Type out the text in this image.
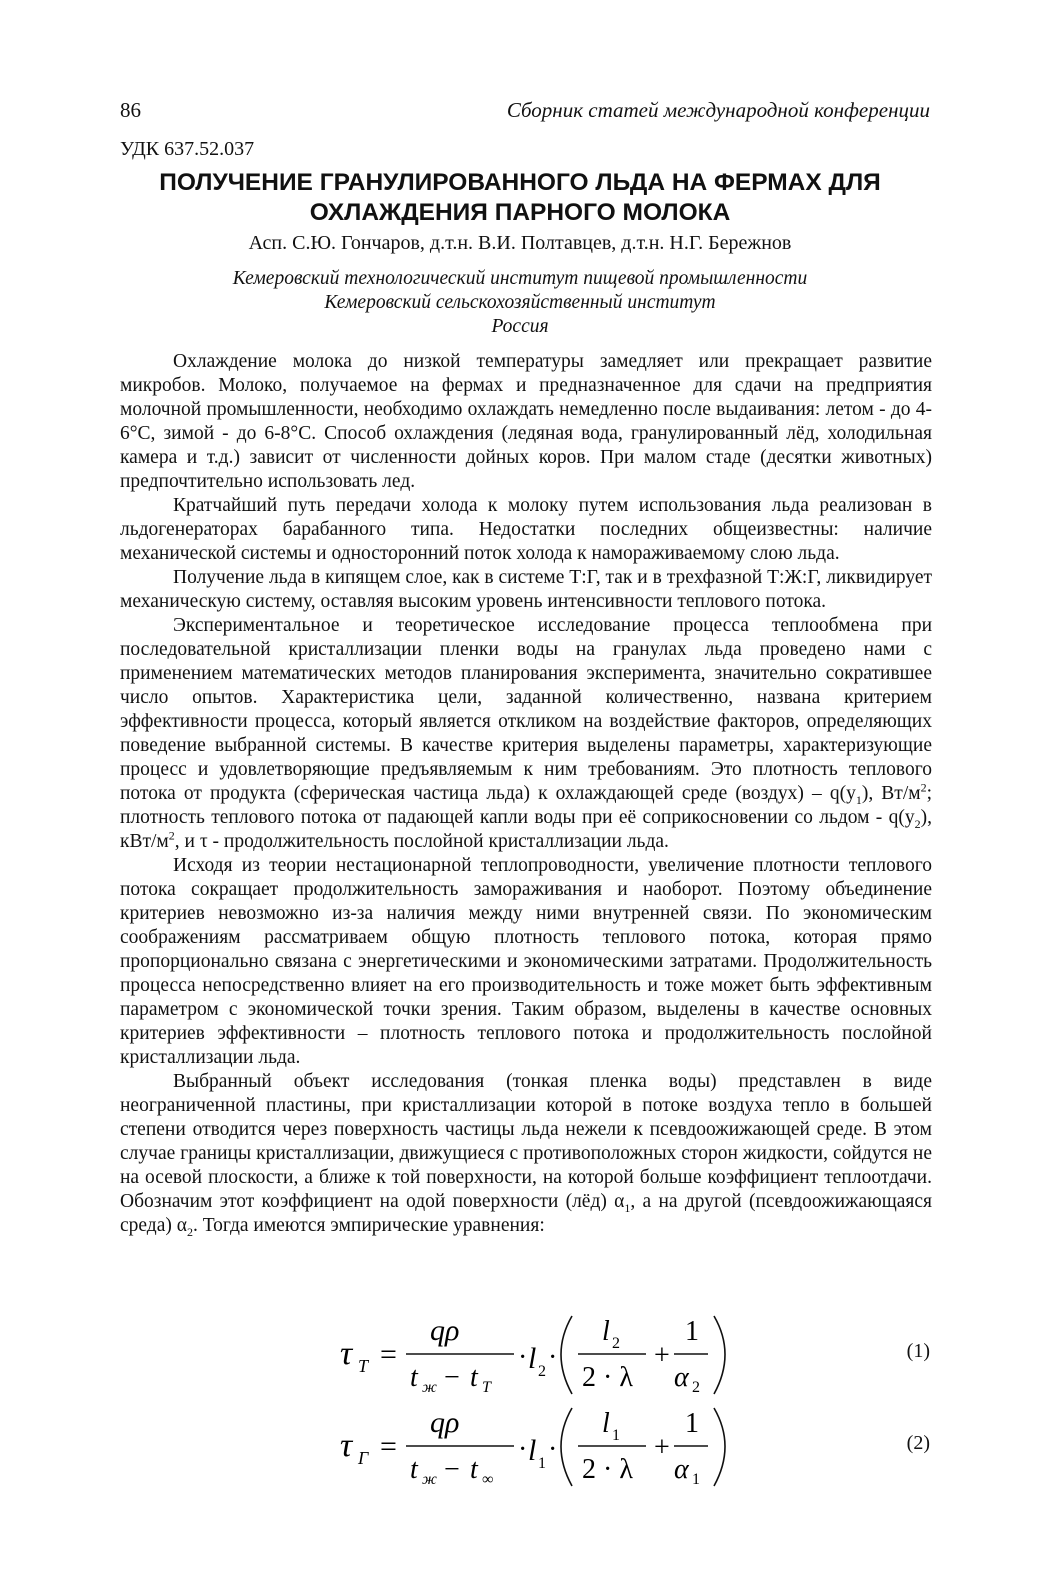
86	Сборник статей международной конференции
УДК 637.52.037
ПОЛУЧЕНИЕ ГРАНУЛИРОВАННОГО ЛЬДА НА ФЕРМАХ ДЛЯ
ОХЛАЖДЕНИЯ ПАРНОГО МОЛОКА
Асп. С.Ю. Гончаров, д.т.н. В.И. Полтавцев, д.т.н. Н.Г. Бережнов
Кемеровский технологический институт пищевой промышленности
Кемеровский сельскохозяйственный институт
Россия

Охлаждение молока до низкой температуры замедляет или прекращает развитие микробов. Молоко, получаемое на фермах и предназначенное для сдачи на предприятия молочной промышленности, необходимо охлаждать немедленно после выдаивания: летом - до 4-6°С, зимой - до 6-8°С. Способ охлаждения (ледяная вода, гранулированный лёд, холодильная камера и т.д.) зависит от численности дойных коров. При малом стаде (десятки животных) предпочтительно использовать лед.

Кратчайший путь передачи холода к молоку путем использования льда реализован в льдогенераторах барабанного типа. Недостатки последних общеизвестны: наличие механической системы и односторонний поток холода к намораживаемому слою льда.

Получение льда в кипящем слое, как в системе Т:Г, так и в трехфазной Т:Ж:Г, ликвидирует механическую систему, оставляя высоким уровень интенсивности теплового потока.

Экспериментальное и теоретическое исследование процесса теплообмена при последовательной кристаллизации пленки воды на гранулах льда проведено нами с применением математических методов планирования эксперимента, значительно сократившее число опытов. Характеристика цели, заданной количественно, названа критерием эффективности процесса, который является откликом на воздействие факторов, определяющих поведение выбранной системы. В качестве критерия выделены параметры, характеризующие процесс и удовлетворяющие предъявляемым к ним требованиям. Это плотность теплового потока от продукта (сферическая частица льда) к охлаждающей среде (воздух) – $q(y_1)$, $Вт/м^2$; плотность теплового потока от падающей капли воды при её соприкосновении со льдом - $q(y_2)$, кВт/$м^2$, и τ - продолжительность послойной кристаллизации льда.

Исходя из теории нестационарной теплопроводности, увеличение плотности теплового потока сокращает продолжительность замораживания и наоборот. Поэтому объединение критериев невозможно из-за наличия между ними внутренней связи. По экономическим соображениям рассматриваем общую плотность теплового потока, которая прямо пропорционально связана с энергетическими и экономическими затратами. Продолжительность процесса непосредственно влияет на его производительность и тоже может быть эффективным параметром с экономической точки зрения. Таким образом, выделены в качестве основных критериев эффективности – плотность теплового потока и продолжительность послойной кристаллизации льда.

Выбранный объект исследования (тонкая пленка воды) представлен в виде неограниченной пластины, при кристаллизации которой в потоке воздуха тепло в большей степени отводится через поверхность частицы льда нежели к псевдоожижающей среде. В этом случае границы кристаллизации, движущиеся с противоположных сторон жидкости, сойдутся не на осевой плоскости, а ближе к той поверхности, на которой больше коэффициент теплоотдачи. Обозначим этот коэффициент на одой поверхности (лёд) $\alpha_1$, а на другой (псевдоожижающаяся среда) $\alpha_2$. Тогда имеются эмпирические уравнения:

τ T =
qρ
t ж − t T
· l 2 ·
l 2
2 · λ
+
1
α 2
(1)
τ Г =
qρ
t ж − t ∞
· l 1 ·
l 1
2 · λ
+
1
α 1
(2)
